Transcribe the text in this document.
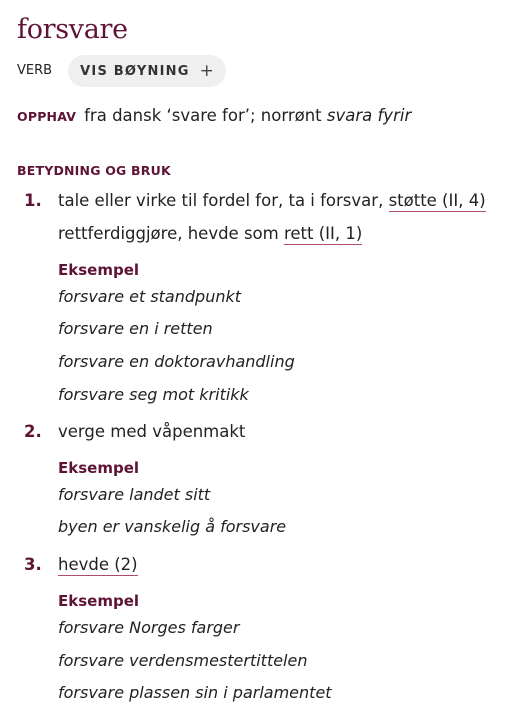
forsvare
VERB VIS BØYNING +
OPPHAV fra dansk ‘svare for’; norrønt svara fyrir
BETYDNING OG BRUK
1. tale eller virke til fordel for, ta i forsvar, støtte (II, 4)
rettferdiggjøre, hevde som rett (II, 1)
Eksempel
forsvare et standpunkt
forsvare en i retten
forsvare en doktoravhandling
forsvare seg mot kritikk
2. verge med våpenmakt
Eksempel
forsvare landet sitt
byen er vanskelig å forsvare
3. hevde (2)
Eksempel
forsvare Norges farger
forsvare verdensmestertittelen
forsvare plassen sin i parlamentet
